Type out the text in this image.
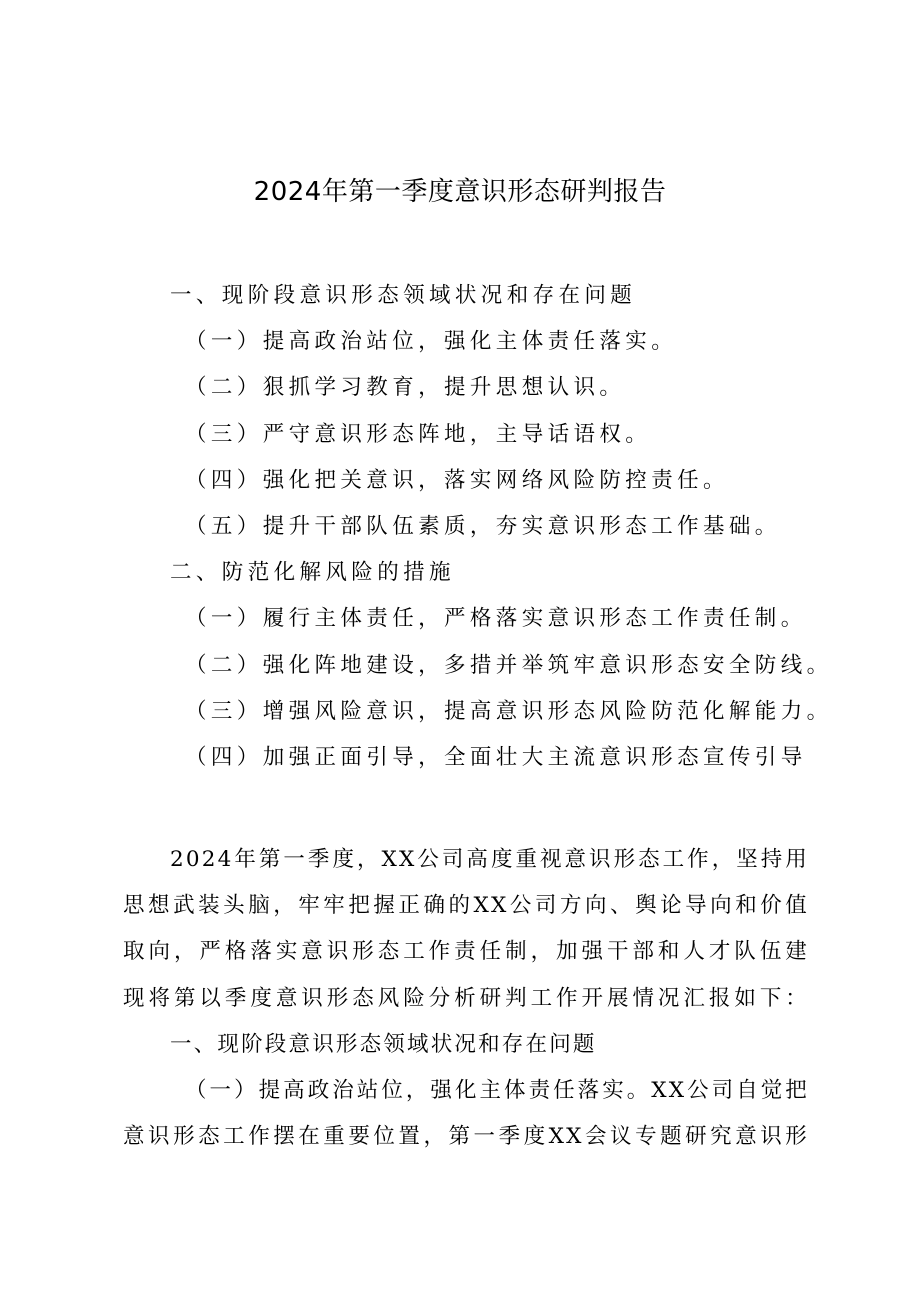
2024年第一季度意识形态研判报告
一、现阶段意识形态领域状况和存在问题
（一）提高政治站位，强化主体责任落实。
（二）狠抓学习教育，提升思想认识。
（三）严守意识形态阵地，主导话语权。
（四）强化把关意识，落实网络风险防控责任。
（五）提升干部队伍素质，夯实意识形态工作基础。
二、防范化解风险的措施
（一）履行主体责任，严格落实意识形态工作责任制。
（二）强化阵地建设，多措并举筑牢意识形态安全防线。
（三）增强风险意识，提高意识形态风险防范化解能力。
（四）加强正面引导，全面壮大主流意识形态宣传引导
2024年第一季度，XX公司高度重视意识形态工作，坚持用
思想武装头脑，牢牢把握正确的XX公司方向、舆论导向和价值
取向，严格落实意识形态工作责任制，加强干部和人才队伍建
现将第以季度意识形态风险分析研判工作开展情况汇报如下：
一、现阶段意识形态领域状况和存在问题
（一）提高政治站位，强化主体责任落实。XX公司自觉把
意识形态工作摆在重要位置，第一季度XX会议专题研究意识形
